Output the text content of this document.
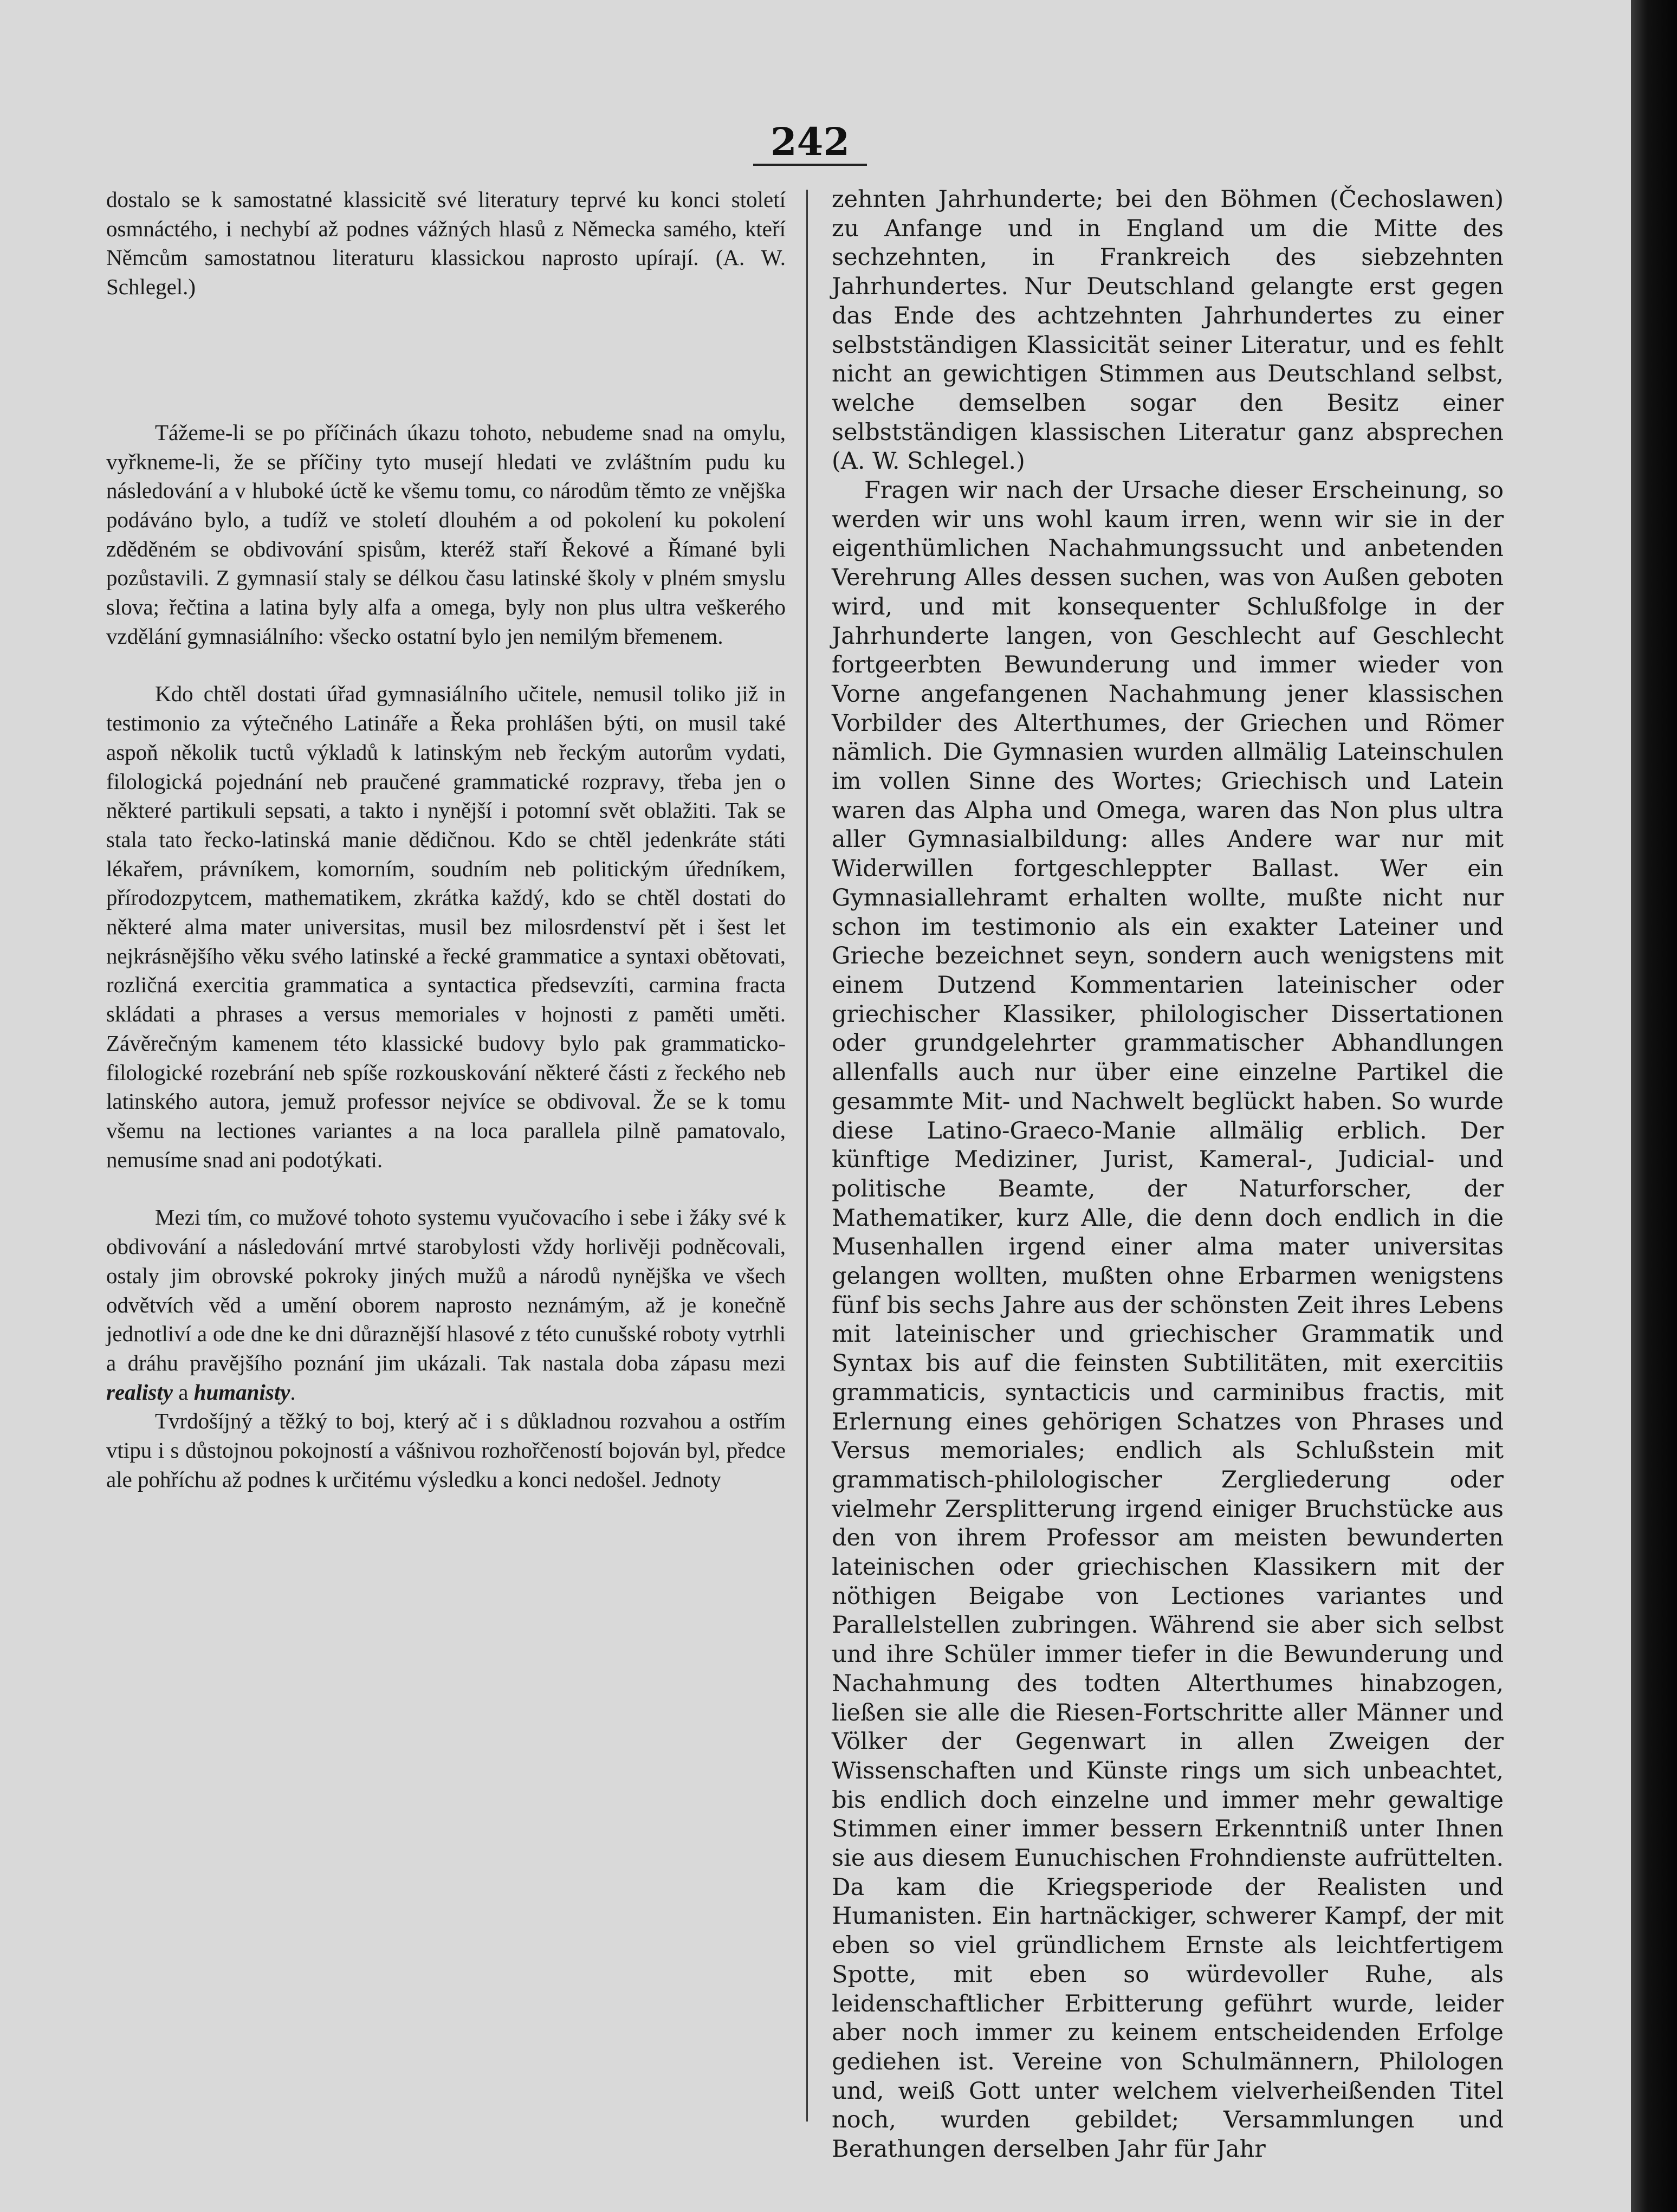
242

dostalo se k samostatné klassicitě své literatury teprvé ku konci století osmnáctého, i nechybí až podnes vážných hlasů z Německa samého, kteří Němcům samostatnou literaturu klassickou naprosto upírají. (A. W. Schlegel.)

Tážeme-li se po příčinách úkazu tohoto, nebudeme snad na omylu, vyřkneme-li, že se příčiny tyto musejí hledati ve zvláštním pudu ku následování a v hluboké úctě ke všemu tomu, co národům těmto ze vnějška podáváno bylo, a tudíž ve století dlouhém a od pokolení ku pokolení zděděném se obdivování spisům, kteréž staří Řekové a Římané byli pozůstavili. Z gymnasií staly se délkou času latinské školy v plném smyslu slova; řečtina a latina byly alfa a omega, byly non plus ultra veškerého vzdělání gymnasiálního: všecko ostatní bylo jen nemilým břemenem.

Kdo chtěl dostati úřad gymnasiálního učitele, nemusil toliko již in testimonio za výtečného Latináře a Řeka prohlášen býti, on musil také aspoň několik tuctů výkladů k latinským neb řeckým autorům vydati, filologická pojednání neb praučené grammatické rozpravy, třeba jen o některé partikuli sepsati, a takto i nynější i potomní svět oblažiti. Tak se stala tato řecko-latinská manie dědičnou. Kdo se chtěl jedenkráte státi lékařem, právníkem, komorním, soudním neb politickým úředníkem, přírodozpytcem, mathematikem, zkrátka každý, kdo se chtěl dostati do některé alma mater universitas, musil bez milosrdenství pět i šest let nejkrásnějšího věku svého latinské a řecké grammatice a syntaxi obětovati, rozličná exercitia grammatica a syntactica předsevzíti, carmina fracta skládati a phrases a versus memoriales v hojnosti z paměti uměti. Závěrečným kamenem této klassické budovy bylo pak grammaticko-filologické rozebrání neb spíše rozkouskování některé části z řeckého neb latinského autora, jemuž professor nejvíce se obdivoval. Že se k tomu všemu na lectiones variantes a na loca parallela pilně pamatovalo, nemusíme snad ani podotýkati.

Mezi tím, co mužové tohoto systemu vyučovacího i sebe i žáky své k obdivování a následování mrtvé starobylosti vždy horlivěji podněcovali, ostaly jim obrovské pokroky jiných mužů a národů nynějška ve všech odvětvích věd a umění oborem naprosto neznámým, až je konečně jednotliví a ode dne ke dni důraznější hlasové z této cunušské roboty vytrhli a dráhu pravějšího poznání jim ukázali. Tak nastala doba zápasu mezi realisty a humanisty.

Tvrdošíjný a těžký to boj, který ač i s důkladnou rozvahou a ostřím vtipu i s důstojnou pokojností a vášnivou rozhořčeností bojován byl, předce ale pohříchu až podnes k určitému výsledku a konci nedošel. Jednoty

zehnten Jahrhunderte; bei den Böhmen (Čechoslawen) zu Anfange und in England um die Mitte des sechzehnten, in Frankreich des siebzehnten Jahrhundertes. Nur Deutschland gelangte erst gegen das Ende des achtzehnten Jahrhundertes zu einer selbstständigen Klassicität seiner Literatur, und es fehlt nicht an gewichtigen Stimmen aus Deutschland selbst, welche demselben sogar den Besitz einer selbstständigen klassischen Literatur ganz absprechen (A. W. Schlegel.)

Fragen wir nach der Ursache dieser Erscheinung, so werden wir uns wohl kaum irren, wenn wir sie in der eigenthümlichen Nachahmungssucht und anbetenden Verehrung Alles dessen suchen, was von Außen geboten wird, und mit konsequenter Schlußfolge in der Jahrhunderte langen, von Geschlecht auf Geschlecht fortgeerbten Bewunderung und immer wieder von Vorne angefangenen Nachahmung jener klassischen Vorbilder des Alterthumes, der Griechen und Römer nämlich. Die Gymnasien wurden allmälig Lateinschulen im vollen Sinne des Wortes; Griechisch und Latein waren das Alpha und Omega, waren das Non plus ultra aller Gymnasialbildung: alles Andere war nur mit Widerwillen fortgeschleppter Ballast. Wer ein Gymnasiallehramt erhalten wollte, mußte nicht nur schon im testimonio als ein exakter Lateiner und Grieche bezeichnet seyn, sondern auch wenigstens mit einem Dutzend Kommentarien lateinischer oder griechischer Klassiker, philologischer Dissertationen oder grundgelehrter grammatischer Abhandlungen allenfalls auch nur über eine einzelne Partikel die gesammte Mit- und Nachwelt beglückt haben. So wurde diese Latino-Graeco-Manie allmälig erblich. Der künftige Mediziner, Jurist, Kameral-, Judicial- und politische Beamte, der Naturforscher, der Mathematiker, kurz Alle, die denn doch endlich in die Musenhallen irgend einer alma mater universitas gelangen wollten, mußten ohne Erbarmen wenigstens fünf bis sechs Jahre aus der schönsten Zeit ihres Lebens mit lateinischer und griechischer Grammatik und Syntax bis auf die feinsten Subtilitäten, mit exercitiis grammaticis, syntacticis und carminibus fractis, mit Erlernung eines gehörigen Schatzes von Phrases und Versus memoriales; endlich als Schlußstein mit grammatisch-philologischer Zergliederung oder vielmehr Zersplitterung irgend einiger Bruchstücke aus den von ihrem Professor am meisten bewunderten lateinischen oder griechischen Klassikern mit der nöthigen Beigabe von Lectiones variantes und Parallelstellen zubringen. Während sie aber sich selbst und ihre Schüler immer tiefer in die Bewunderung und Nachahmung des todten Alterthumes hinabzogen, ließen sie alle die Riesen-Fortschritte aller Männer und Völker der Gegenwart in allen Zweigen der Wissenschaften und Künste rings um sich unbeachtet, bis endlich doch einzelne und immer mehr gewaltige Stimmen einer immer bessern Erkenntniß unter Ihnen sie aus diesem Eunuchischen Frohndienste aufrüttelten. Da kam die Kriegsperiode der Realisten und Humanisten. Ein hartnäckiger, schwerer Kampf, der mit eben so viel gründlichem Ernste als leichtfertigem Spotte, mit eben so würdevoller Ruhe, als leidenschaftlicher Erbitterung geführt wurde, leider aber noch immer zu keinem entscheidenden Erfolge gediehen ist. Vereine von Schulmännern, Philologen und, weiß Gott unter welchem vielverheißenden Titel noch, wurden gebildet; Versammlungen und Berathungen derselben Jahr für Jahr
